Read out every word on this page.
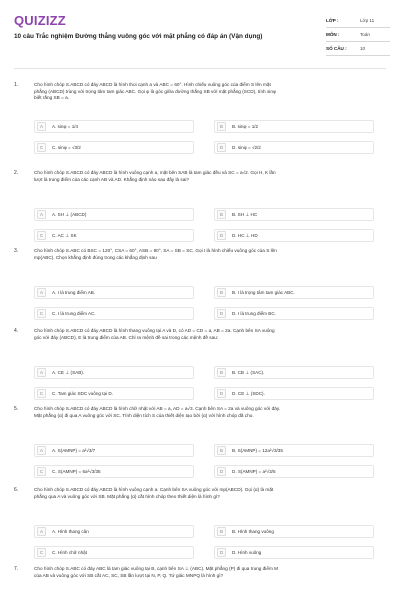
QUIZIZZ
10 câu Trắc nghiệm Đường thẳng vuông góc với mặt phẳng có đáp án (Vận dụng)
LỚP :	Lớp 11
MÔN :	Toán
SỐ CÂU :	10
1.	Cho hình chóp S.ABCD có đáy ABCD là hình thoi cạnh a và ABC = 60°. Hình chiếu vuông góc của điểm S lên mặt
phẳng (ABCD) trùng với trọng tâm tam giác ABC. Gọi φ là góc giữa đường thẳng SB với mặt phẳng (SCD), tính sinφ
biết rằng SB = a.
A	A. sinφ = 1/4	B	B. sinφ = 1/2
C	C. sinφ = √3/2	D	D. sinφ = √2/2
2.	Cho hình chóp S.ABCD có đáy ABCD là hình vuông cạnh a, mặt bên SAB là tam giác đều và SC = a√2. Gọi H, K lần
lượt là trung điểm của các cạnh AB và AD. Khẳng định nào sau đây là sai?
A	A. SH ⊥ (ABCD)	B	B. SH ⊥ HC
C	C. AC ⊥ SK	D	D. HC ⊥ HD
3.	Cho hình chóp S.ABC có BSC = 120°, CSA = 60°, ASB = 90°, SA = SB = SC. Gọi I là hình chiếu vuông góc của S lên
mp(ABC). Chọn khẳng định đúng trong các khẳng định sau
A	A. I là trung điểm AB.	B	B. I là trọng tâm tam giác ABC.
C	C. I là trung điểm AC.	D	D. I là trung điểm BC.
4.	Cho hình chóp S.ABCD có đáy ABCD là hình thang vuông tại A và D, có AD = CD = a, AB = 2a. Cạnh bên SA vuông
góc với đáy (ABCD), E là trung điểm của AB. Chỉ ra mệnh đề sai trong các mệnh đề sau:
A	A. CE ⊥ (SAB).	B	B. CB ⊥ (SAC).
C	C. Tam giác SDC vuông tại D.	D	D. CE ⊥ (SDC).
5.	Cho hình chóp S.ABCD có đáy ABCD là hình chữ nhật với AB = a, AD = a√3. Cạnh bên SA = 2a và vuông góc với đáy.
Mặt phẳng (α) đi qua A vuông góc với SC. Tính diện tích S của thiết diện tạo bởi (α) với hình chóp đã cho.
A	A. S(AMNP) = a²√3/7	B	B. S(AMNP) = 12a²√3/35
C	C. S(AMNP) = 6a²√3/35	D	D. S(AMNP) = a²√3/5
6.	Cho hình chóp S.ABCD có đáy ABCD là hình vuông cạnh a. Cạnh bên SA vuông góc với mp(ABCD). Gọi (α) là mặt
phẳng qua A và vuông góc với SB. Mặt phẳng (α) cắt hình chóp theo thiết diện là hình gì?
A	A. Hình thang cân	B	B. Hình thang vuông
C	C. Hình chữ nhật	D	D. Hình vuông
7.	Cho hình chóp S.ABC có đáy ABC là tam giác vuông tại B, cạnh bên SA ⊥ (ABC). Mặt phẳng (P) đi qua trung điểm M
của AB và vuông góc với SB cắt AC, SC, SB lần lượt tại N, P, Q. Tứ giác MNPQ là hình gì?
